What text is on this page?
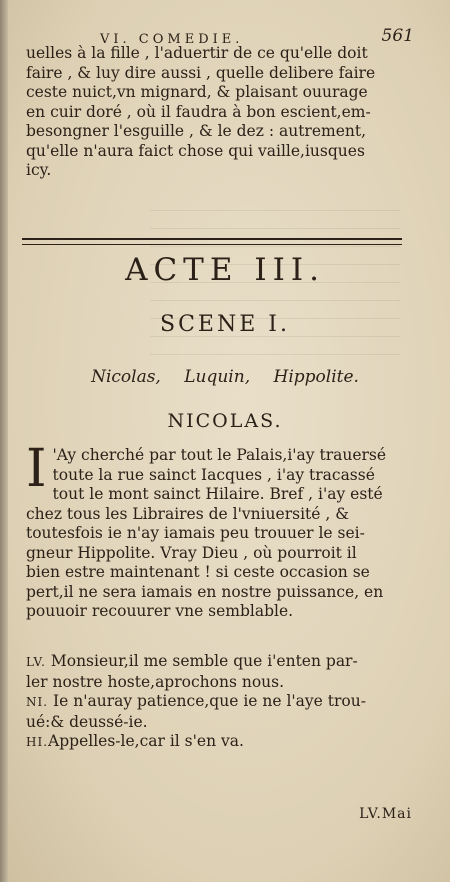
VI. COMEDIE.	561
uelles à la fille , l'aduertir de ce qu'elle doit
faire , & luy dire aussi , quelle delibere faire
ceste nuict,vn mignard, & plaisant ouurage
en cuir doré , où il faudra à bon escient,em-
besongner l'esguille , & le dez : autrement,
qu'elle n'aura faict chose qui vaille,iusques
icy.
ACTE III.
SCENE I.
Nicolas, Luquin, Hippolite.
NICOLAS.
I 'Ay cherché par tout le Palais,i'ay trauersé
toute la rue sainct Iacques , i'ay tracassé
tout le mont sainct Hilaire. Bref , i'ay esté
chez tous les Libraires de l'vniuersité , &
toutesfois ie n'ay iamais peu trouuer le sei-
gneur Hippolite. Vray Dieu , où pourroit il
bien estre maintenant ! si ceste occasion se
pert,il ne sera iamais en nostre puissance, en
pouuoir recouurer vne semblable.
LV. Monsieur,il me semble que i'enten par-
ler nostre hoste,aprochons nous.
NI. Ie n'auray patience,que ie ne l'aye trou-
ué:& deussé-ie.
HI.Appelles-le,car il s'en va.
LV.Mai
